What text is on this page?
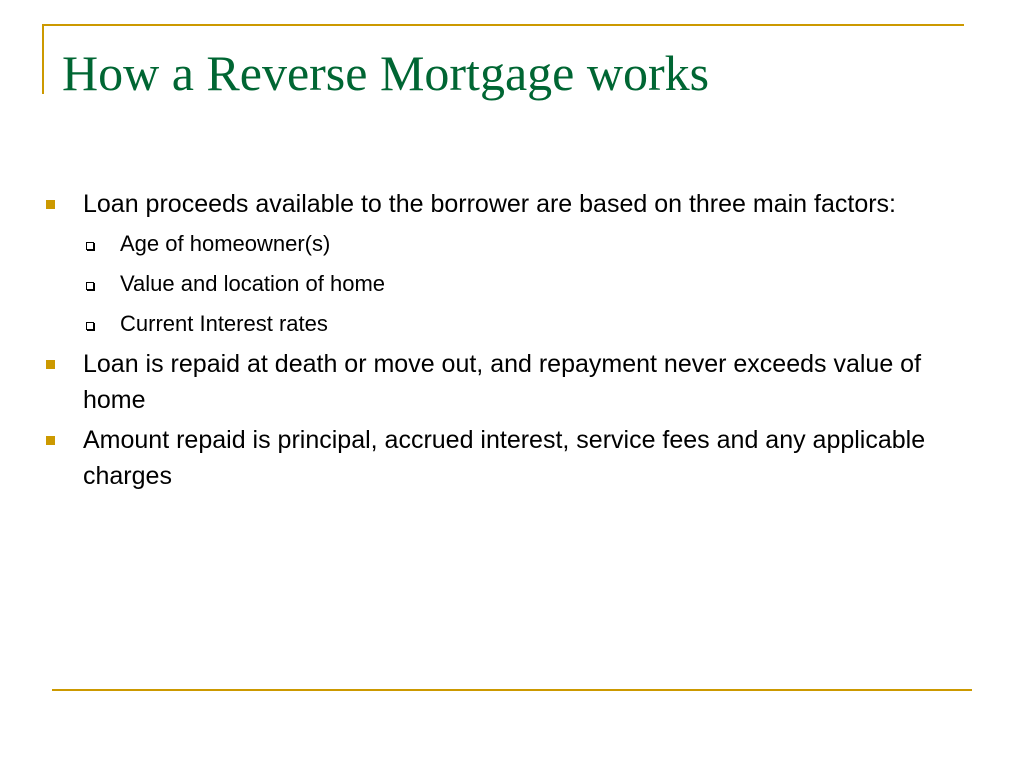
How a Reverse Mortgage works
Loan proceeds available to the borrower are based on three main factors:
Age of homeowner(s)
Value and location of home
Current Interest rates
Loan is repaid at death or move out, and repayment never exceeds value of home
Amount repaid is principal, accrued interest, service fees and any applicable charges
